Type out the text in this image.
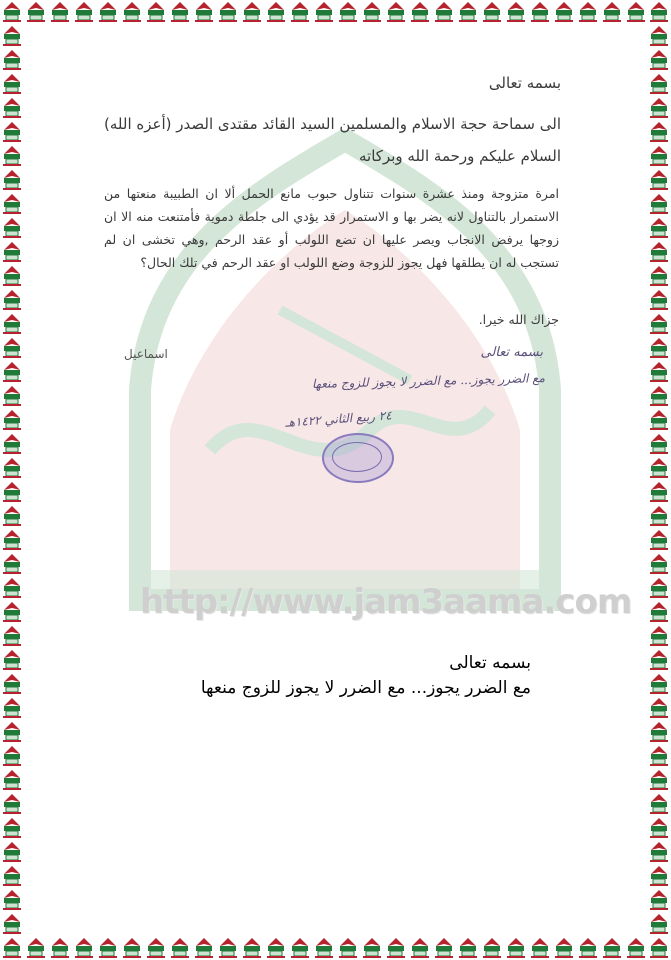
http://www.jam3aama.com
بسمه تعالى
الى سماحة حجة الاسلام والمسلمين السيد القائد مقتدى الصدر (أعزه الله)
السلام عليكم ورحمة الله وبركاته
امرة متزوجة ومنذ عشرة سنوات تتناول حبوب مانع الحمل ألا ان الطبيبة منعتها من الاستمرار بالتناول لانه يضر بها و الاستمرار قد يؤدي الى جلطة دموية فأمتنعت منه الا ان زوجها يرفض الانجاب ويصر عليها ان تضع اللولب أو عقد الرحم ,وهي تخشى ان لم تستجب له ان يطلقها فهل يجوز للزوجة وضع اللولب او عقد الرحم في تلك الحال؟
جزاك الله خيرا.
اسماعيل	بسمه تعالى
مع الضرر يجوز... مع الضرر لا يجوز للزوج منعها
٢٤ ربيع الثاني ١٤٢٢هـ
بسمه تعالى
مع الضرر يجوز... مع الضرر لا يجوز للزوج منعها
